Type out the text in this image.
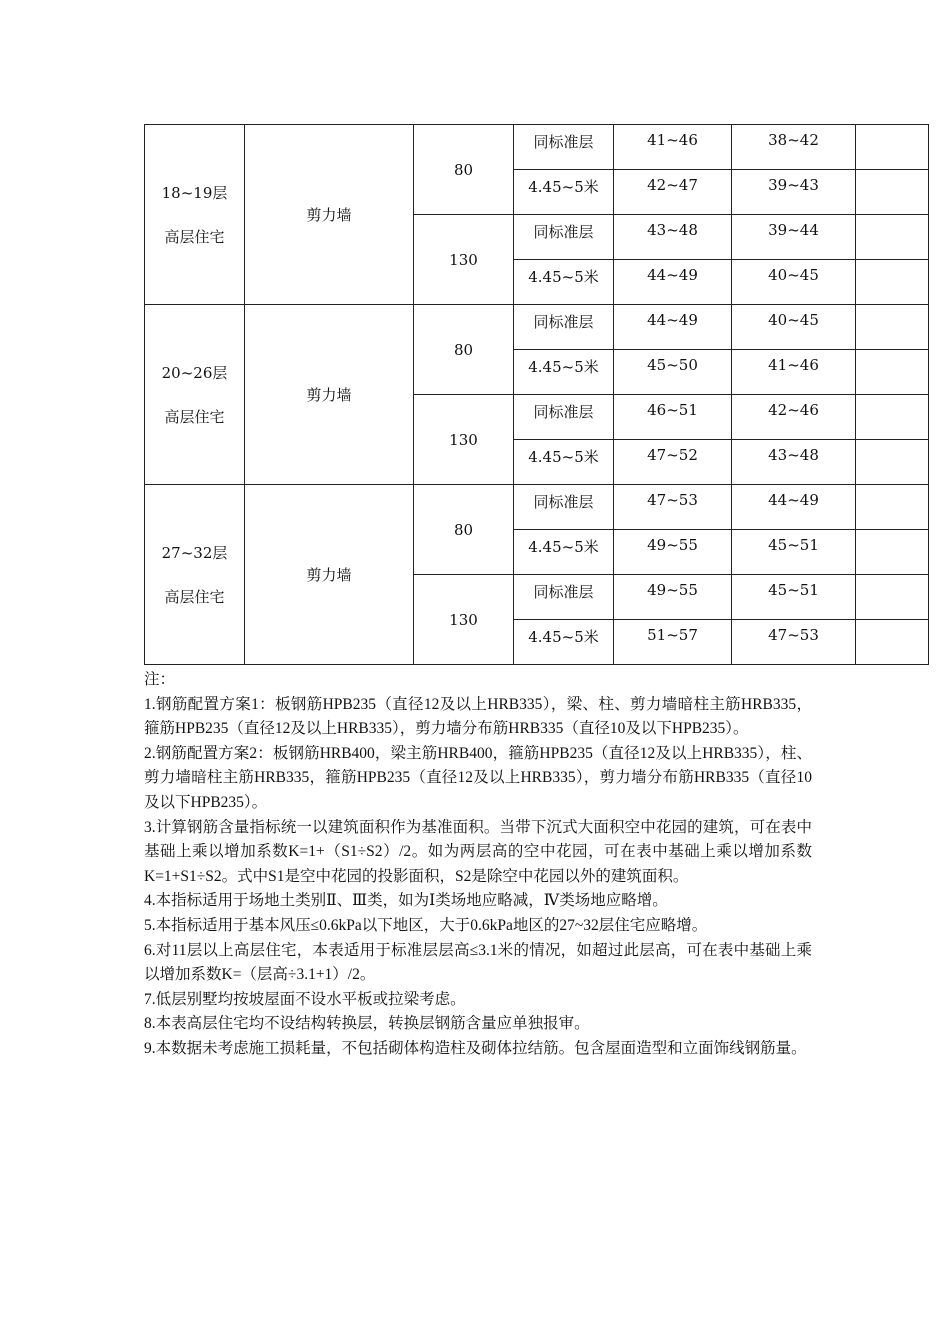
18~19层
高层住宅	剪力墙	80	同标准层	41~46	38~42	
			4.45~5米	42~47	39~43	
		130	同标准层	43~48	39~44	
			4.45~5米	44~49	40~45	

20~26层
高层住宅	剪力墙	80	同标准层	44~49	40~45	
			4.45~5米	45~50	41~46	
		130	同标准层	46~51	42~46	
			4.45~5米	47~52	43~48	

27~32层
高层住宅	剪力墙	80	同标准层	47~53	44~49	
			4.45~5米	49~55	45~51	
		130	同标准层	49~55	45~51	
			4.45~5米	51~57	47~53	

注：

1.钢筋配置方案1：板钢筋HPB235（直径12及以上HRB335），梁、柱、剪力墙暗柱主筋HRB335，箍筋HPB235（直径12及以上HRB335），剪力墙分布筋HRB335（直径10及以下HPB235）。

2.钢筋配置方案2：板钢筋HRB400，梁主筋HRB400，箍筋HPB235（直径12及以上HRB335），柱、剪力墙暗柱主筋HRB335，箍筋HPB235（直径12及以上HRB335），剪力墙分布筋HRB335（直径10及以下HPB235）。

3.计算钢筋含量指标统一以建筑面积作为基准面积。当带下沉式大面积空中花园的建筑，可在表中基础上乘以增加系数K=1+（S1÷S2）/2。如为两层高的空中花园，可在表中基础上乘以增加系数K=1+S1÷S2。式中S1是空中花园的投影面积，S2是除空中花园以外的建筑面积。

4.本指标适用于场地土类别Ⅱ、Ⅲ类，如为Ⅰ类场地应略减，Ⅳ类场地应略增。

5.本指标适用于基本风压≤0.6kPa以下地区，大于0.6kPa地区的27~32层住宅应略增。

6.对11层以上高层住宅，本表适用于标准层层高≤3.1米的情况，如超过此层高，可在表中基础上乘以增加系数K=（层高÷3.1+1）/2。

7.低层别墅均按坡屋面不设水平板或拉梁考虑。

8.本表高层住宅均不设结构转换层，转换层钢筋含量应单独报审。

9.本数据未考虑施工损耗量，不包括砌体构造柱及砌体拉结筋。包含屋面造型和立面饰线钢筋量。
